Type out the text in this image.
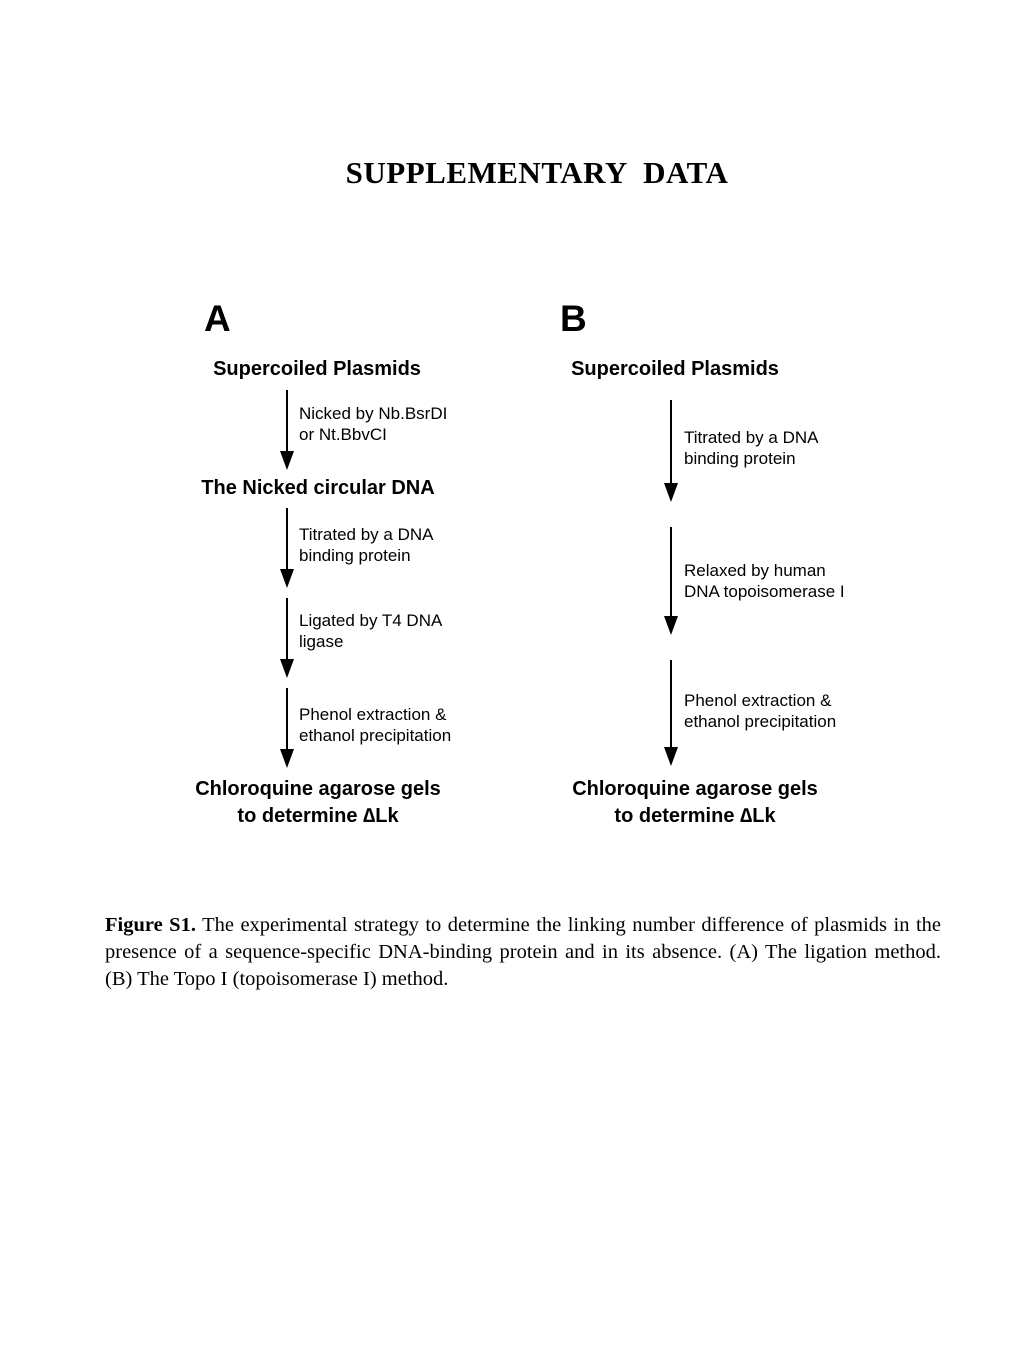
SUPPLEMENTARY  DATA
A
Supercoiled Plasmids
Nicked by Nb.BsrDI
or Nt.BbvCI
The Nicked circular DNA
Titrated by a DNA
binding protein
Ligated by T4 DNA
ligase
Phenol extraction &
ethanol precipitation
Chloroquine agarose gels
to determine ∆Lk
B
Supercoiled Plasmids
Titrated by a DNA
binding protein
Relaxed by human
DNA topoisomerase I
Phenol extraction &
ethanol precipitation
Chloroquine agarose gels
to determine ∆Lk
Figure S1. The experimental strategy to determine the linking number difference of plasmids in the presence of a sequence-specific DNA-binding protein and in its absence. (A) The ligation method. (B) The Topo I (topoisomerase I) method.
